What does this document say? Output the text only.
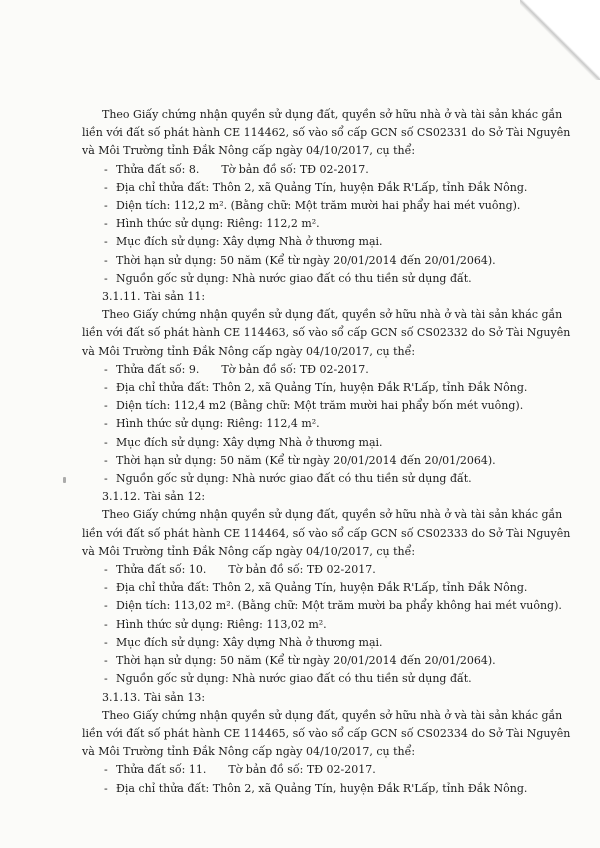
Theo Giấy chứng nhận quyền sử dụng đất, quyền sở hữu nhà ở và tài sản khác gắn
liền với đất số phát hành CE 114462, số vào sổ cấp GCN số CS02331 do Sở Tài Nguyên
và Môi Trường tỉnh Đắk Nông cấp ngày 04/10/2017, cụ thể:
- Thửa đất số: 8. Tờ bản đồ số: TĐ 02-2017.
- Địa chỉ thửa đất: Thôn 2, xã Quảng Tín, huyện Đắk R'Lấp, tỉnh Đắk Nông.
- Diện tích: 112,2 m². (Bằng chữ: Một trăm mười hai phẩy hai mét vuông).
- Hình thức sử dụng: Riêng: 112,2 m².
- Mục đích sử dụng: Xây dựng Nhà ở thương mại.
- Thời hạn sử dụng: 50 năm (Kể từ ngày 20/01/2014 đến 20/01/2064).
- Nguồn gốc sử dụng: Nhà nước giao đất có thu tiền sử dụng đất.

3.1.11. Tài sản 11:

Theo Giấy chứng nhận quyền sử dụng đất, quyền sở hữu nhà ở và tài sản khác gắn
liền với đất số phát hành CE 114463, số vào sổ cấp GCN số CS02332 do Sở Tài Nguyên
và Môi Trường tỉnh Đắk Nông cấp ngày 04/10/2017, cụ thể:
- Thửa đất số: 9. Tờ bản đồ số: TĐ 02-2017.
- Địa chỉ thửa đất: Thôn 2, xã Quảng Tín, huyện Đắk R'Lấp, tỉnh Đắk Nông.
- Diện tích: 112,4 m2 (Bằng chữ: Một trăm mười hai phẩy bốn mét vuông).
- Hình thức sử dụng: Riêng: 112,4 m².
- Mục đích sử dụng: Xây dựng Nhà ở thương mại.
- Thời hạn sử dụng: 50 năm (Kể từ ngày 20/01/2014 đến 20/01/2064).
- Nguồn gốc sử dụng: Nhà nước giao đất có thu tiền sử dụng đất.

3.1.12. Tài sản 12:

Theo Giấy chứng nhận quyền sử dụng đất, quyền sở hữu nhà ở và tài sản khác gắn
liền với đất số phát hành CE 114464, số vào sổ cấp GCN số CS02333 do Sở Tài Nguyên
và Môi Trường tỉnh Đắk Nông cấp ngày 04/10/2017, cụ thể:
- Thửa đất số: 10. Tờ bản đồ số: TĐ 02-2017.
- Địa chỉ thửa đất: Thôn 2, xã Quảng Tín, huyện Đắk R'Lấp, tỉnh Đắk Nông.
- Diện tích: 113,02 m². (Bằng chữ: Một trăm mười ba phẩy không hai mét vuông).
- Hình thức sử dụng: Riêng: 113,02 m².
- Mục đích sử dụng: Xây dựng Nhà ở thương mại.
- Thời hạn sử dụng: 50 năm (Kể từ ngày 20/01/2014 đến 20/01/2064).
- Nguồn gốc sử dụng: Nhà nước giao đất có thu tiền sử dụng đất.

3.1.13. Tài sản 13:

Theo Giấy chứng nhận quyền sử dụng đất, quyền sở hữu nhà ở và tài sản khác gắn
liền với đất số phát hành CE 114465, số vào sổ cấp GCN số CS02334 do Sở Tài Nguyên
và Môi Trường tỉnh Đắk Nông cấp ngày 04/10/2017, cụ thể:
- Thửa đất số: 11. Tờ bản đồ số: TĐ 02-2017.
- Địa chỉ thửa đất: Thôn 2, xã Quảng Tín, huyện Đắk R'Lấp, tỉnh Đắk Nông.
